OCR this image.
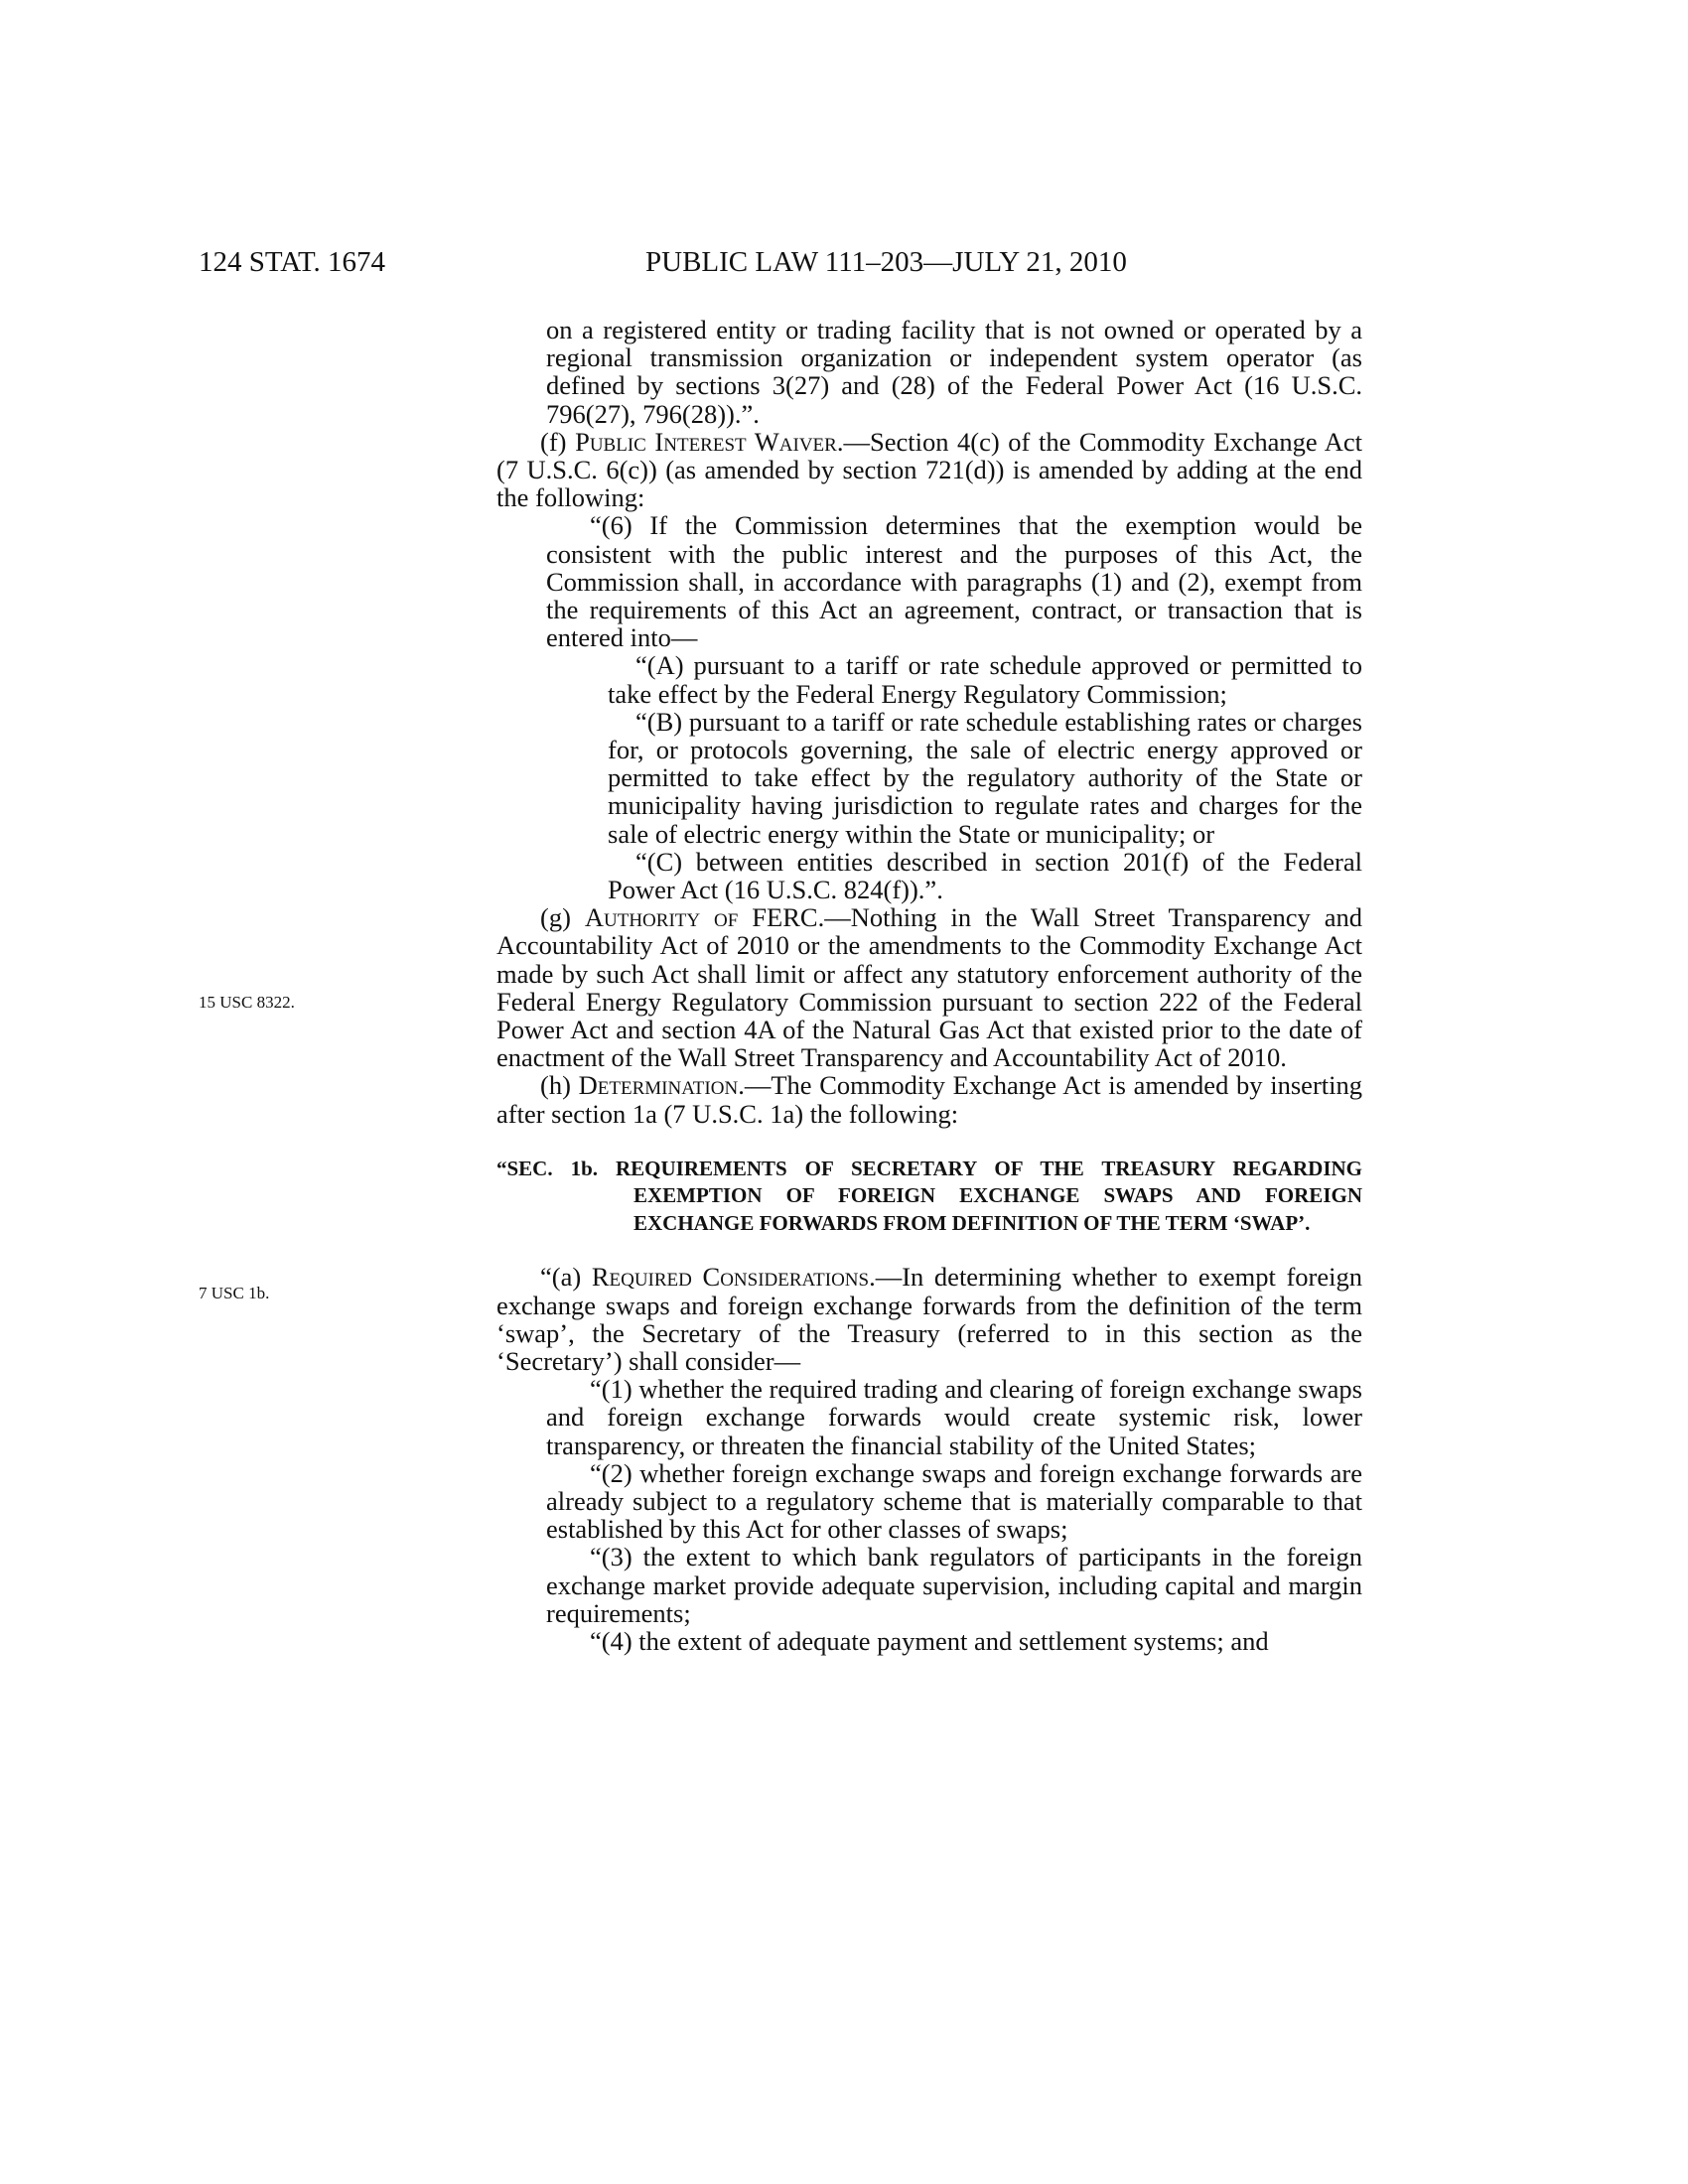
124 STAT. 1674	PUBLIC LAW 111–203—JULY 21, 2010
15 USC 8322.
7 USC 1b.

on a registered entity or trading facility that is not owned or operated by a regional transmission organization or independent system operator (as defined by sections 3(27) and (28) of the Federal Power Act (16 U.S.C. 796(27), 796(28)).”.

(f) Public Interest Waiver.—Section 4(c) of the Commodity Exchange Act (7 U.S.C. 6(c)) (as amended by section 721(d)) is amended by adding at the end the following:

“(6) If the Commission determines that the exemption would be consistent with the public interest and the purposes of this Act, the Commission shall, in accordance with paragraphs (1) and (2), exempt from the requirements of this Act an agreement, contract, or transaction that is entered into—

“(A) pursuant to a tariff or rate schedule approved or permitted to take effect by the Federal Energy Regulatory Commission;

“(B) pursuant to a tariff or rate schedule establishing rates or charges for, or protocols governing, the sale of electric energy approved or permitted to take effect by the regulatory authority of the State or municipality having jurisdiction to regulate rates and charges for the sale of electric energy within the State or municipality; or

“(C) between entities described in section 201(f) of the Federal Power Act (16 U.S.C. 824(f)).”.

(g) Authority of FERC.—Nothing in the Wall Street Transparency and Accountability Act of 2010 or the amendments to the Commodity Exchange Act made by such Act shall limit or affect any statutory enforcement authority of the Federal Energy Regulatory Commission pursuant to section 222 of the Federal Power Act and section 4A of the Natural Gas Act that existed prior to the date of enactment of the Wall Street Transparency and Accountability Act of 2010.

(h) Determination.—The Commodity Exchange Act is amended by inserting after section 1a (7 U.S.C. 1a) the following:

“SEC. 1b. REQUIREMENTS OF SECRETARY OF THE TREASURY REGARDING EXEMPTION OF FOREIGN EXCHANGE SWAPS AND FOREIGN EXCHANGE FORWARDS FROM DEFINITION OF THE TERM ‘SWAP’.

“(a) Required Considerations.—In determining whether to exempt foreign exchange swaps and foreign exchange forwards from the definition of the term ‘swap’, the Secretary of the Treasury (referred to in this section as the ‘Secretary’) shall consider—

“(1) whether the required trading and clearing of foreign exchange swaps and foreign exchange forwards would create systemic risk, lower transparency, or threaten the financial stability of the United States;

“(2) whether foreign exchange swaps and foreign exchange forwards are already subject to a regulatory scheme that is materially comparable to that established by this Act for other classes of swaps;

“(3) the extent to which bank regulators of participants in the foreign exchange market provide adequate supervision, including capital and margin requirements;

“(4) the extent of adequate payment and settlement systems; and
